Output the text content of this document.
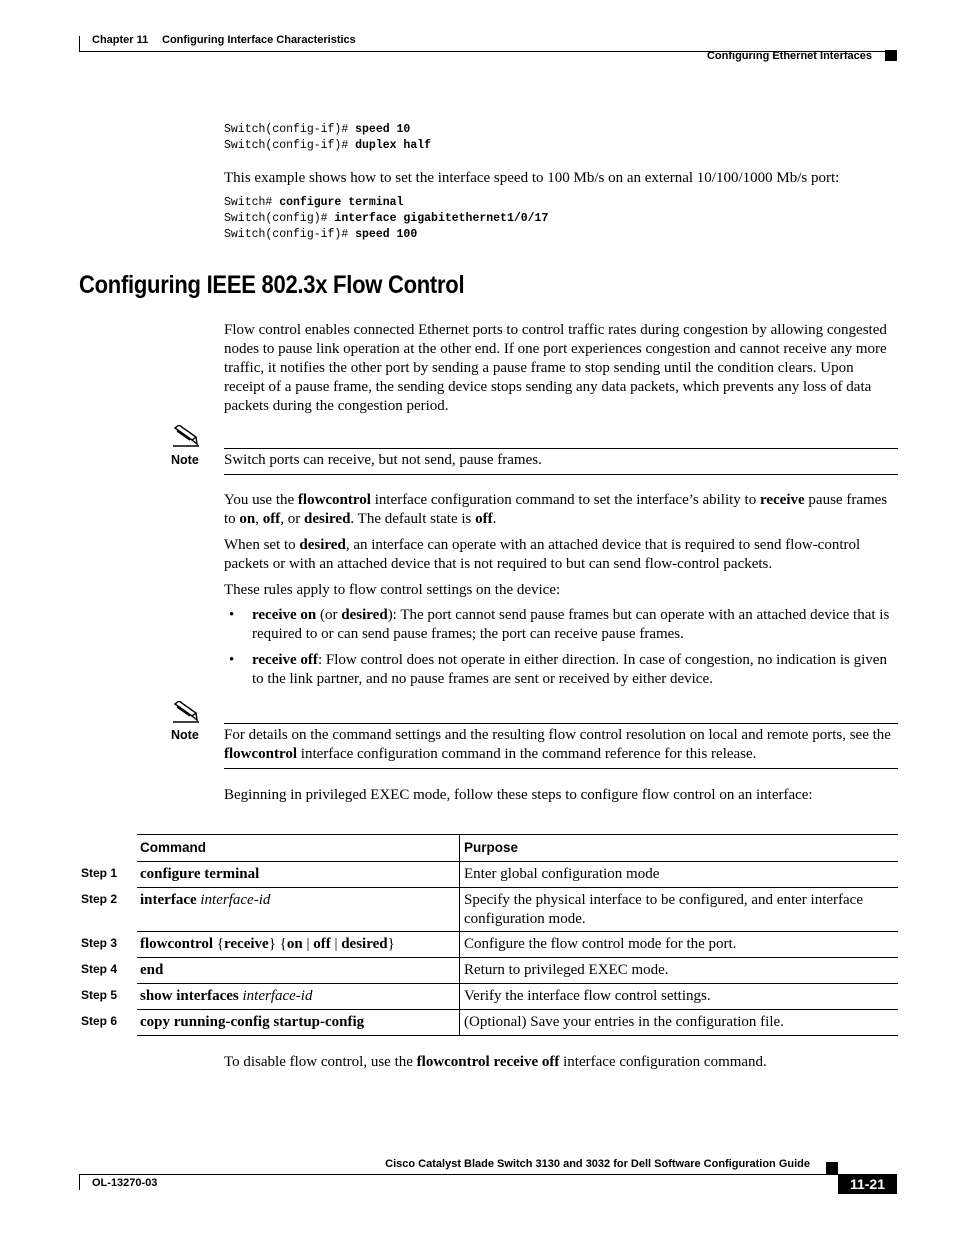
Chapter 11 Configuring Interface Characteristics
Configuring Ethernet Interfaces
Switch(config-if)# speed 10
Switch(config-if)# duplex half
This example shows how to set the interface speed to 100 Mb/s on an external 10/100/1000 Mb/s port:
Switch# configure terminal
Switch(config)# interface gigabitethernet1/0/17
Switch(config-if)# speed 100
Configuring IEEE 802.3x Flow Control
Flow control enables connected Ethernet ports to control traffic rates during congestion by allowing congested nodes to pause link operation at the other end. If one port experiences congestion and cannot receive any more traffic, it notifies the other port by sending a pause frame to stop sending until the condition clears. Upon receipt of a pause frame, the sending device stops sending any data packets, which prevents any loss of data packets during the congestion period.
Note Switch ports can receive, but not send, pause frames.
You use the flowcontrol interface configuration command to set the interface’s ability to receive pause frames to on, off, or desired. The default state is off.
When set to desired, an interface can operate with an attached device that is required to send flow-control packets or with an attached device that is not required to but can send flow-control packets.
These rules apply to flow control settings on the device:
• receive on (or desired): The port cannot send pause frames but can operate with an attached device that is required to or can send pause frames; the port can receive pause frames.
• receive off: Flow control does not operate in either direction. In case of congestion, no indication is given to the link partner, and no pause frames are sent or received by either device.
Note For details on the command settings and the resulting flow control resolution on local and remote ports, see the flowcontrol interface configuration command in the command reference for this release.
Beginning in privileged EXEC mode, follow these steps to configure flow control on an interface:
Command	Purpose
Step 1 configure terminal	Enter global configuration mode
Step 2 interface interface-id	Specify the physical interface to be configured, and enter interface configuration mode.
Step 3 flowcontrol {receive} {on | off | desired}	Configure the flow control mode for the port.
Step 4 end	Return to privileged EXEC mode.
Step 5 show interfaces interface-id	Verify the interface flow control settings.
Step 6 copy running-config startup-config	(Optional) Save your entries in the configuration file.
To disable flow control, use the flowcontrol receive off interface configuration command.
Cisco Catalyst Blade Switch 3130 and 3032 for Dell Software Configuration Guide
OL-13270-03	11-21
